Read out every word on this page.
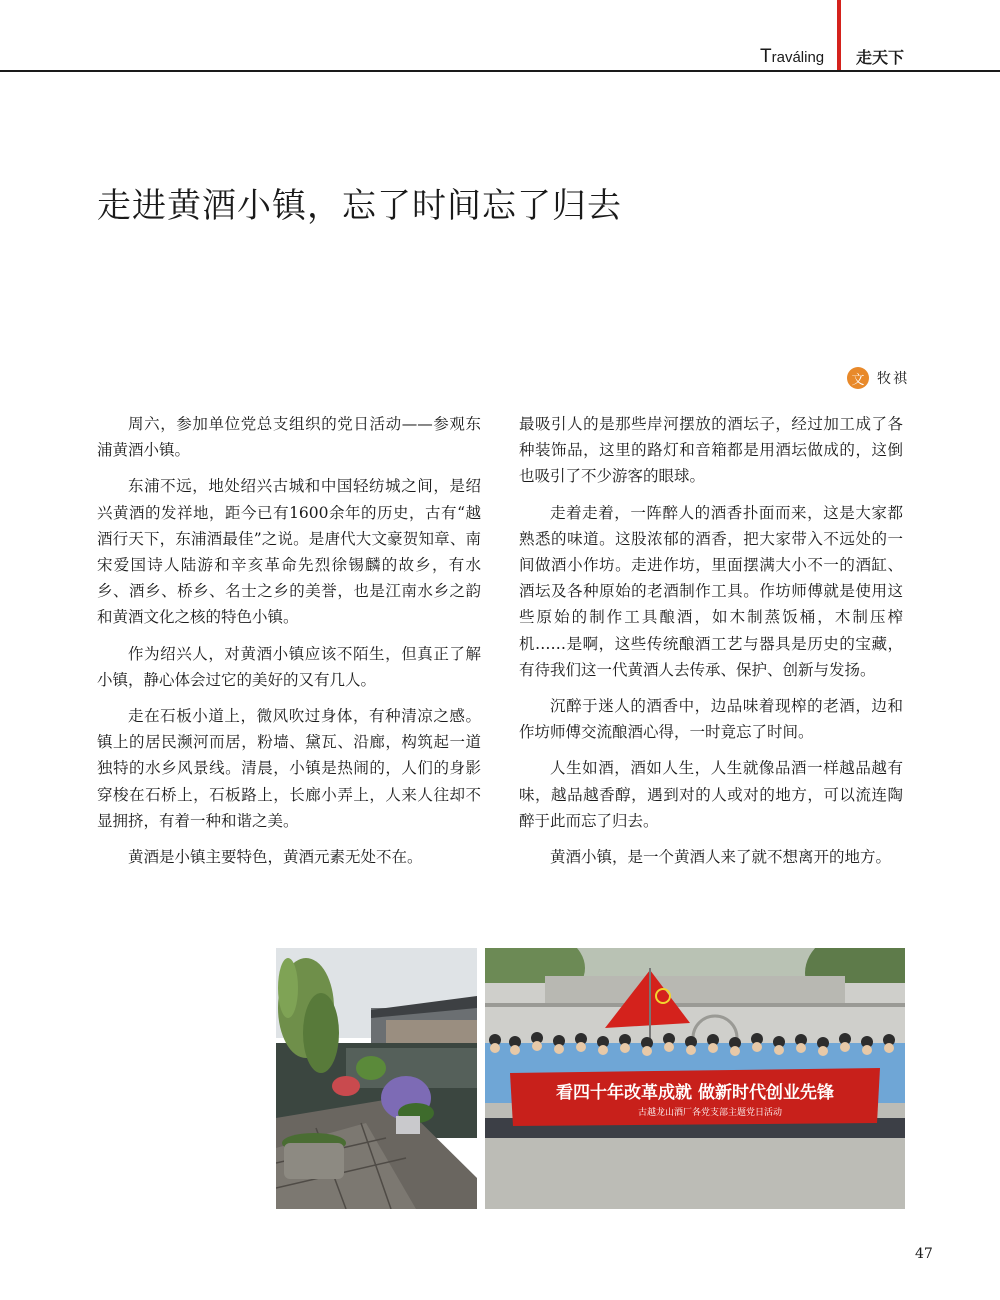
Traváling 走天下
走进黄酒小镇，忘了时间忘了归去
文 牧祺

周六，参加单位党总支组织的党日活动——参观东浦黄酒小镇。

东浦不远，地处绍兴古城和中国轻纺城之间，是绍兴黄酒的发祥地，距今已有1600余年的历史，古有“越酒行天下，东浦酒最佳”之说。是唐代大文豪贺知章、南宋爱国诗人陆游和辛亥革命先烈徐锡麟的故乡，有水乡、酒乡、桥乡、名士之乡的美誉，也是江南水乡之韵和黄酒文化之核的特色小镇。

作为绍兴人，对黄酒小镇应该不陌生，但真正了解小镇，静心体会过它的美好的又有几人。

走在石板小道上，微风吹过身体，有种清凉之感。镇上的居民濒河而居，粉墙、黛瓦、沿廊，构筑起一道独特的水乡风景线。清晨，小镇是热闹的，人们的身影穿梭在石桥上，石板路上，长廊小弄上，人来人往却不显拥挤，有着一种和谐之美。

黄酒是小镇主要特色，黄酒元素无处不在。

最吸引人的是那些岸河摆放的酒坛子，经过加工成了各种装饰品，这里的路灯和音箱都是用酒坛做成的，这倒也吸引了不少游客的眼球。

走着走着，一阵醉人的酒香扑面而来，这是大家都熟悉的味道。这股浓郁的酒香，把大家带入不远处的一间做酒小作坊。走进作坊，里面摆满大小不一的酒缸、酒坛及各种原始的老酒制作工具。作坊师傅就是使用这些原始的制作工具酿酒，如木制蒸饭桶，木制压榨机……是啊，这些传统酿酒工艺与器具是历史的宝藏，有待我们这一代黄酒人去传承、保护、创新与发扬。

沉醉于迷人的酒香中，边品味着现榨的老酒，边和作坊师傅交流酿酒心得，一时竟忘了时间。

人生如酒，酒如人生，人生就像品酒一样越品越有味，越品越香醇，遇到对的人或对的地方，可以流连陶醉于此而忘了归去。

黄酒小镇，是一个黄酒人来了就不想离开的地方。

看四十年改革成就 做新时代创业先锋
古越龙山酒厂各党支部主题党日活动
47
